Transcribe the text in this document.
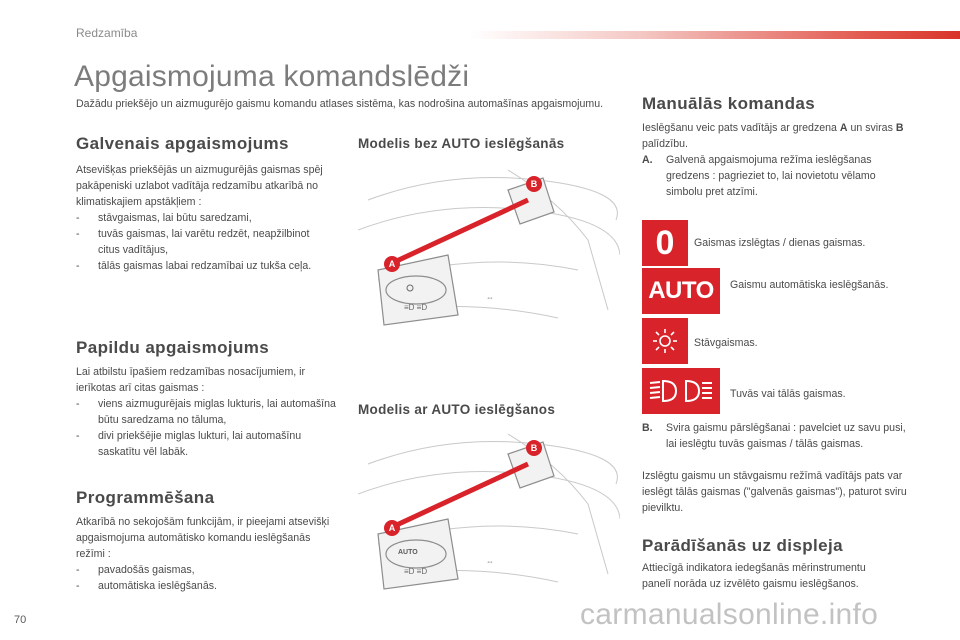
Redzamība
Apgaismojuma komandslēdži

Dažādu priekšējo un aizmugurējo gaismu komandu atlases sistēma, kas nodrošina automašīnas apgaismojumu.

Galvenais apgaismojums

Atsevišķas priekšējās un aizmugurējās gaismas spēj pakāpeniski uzlabot vadītāja redzamību atkarībā no klimatiskajiem apstākļiem :

- stāvgaismas, lai būtu saredzami,
- tuvās gaismas, lai varētu redzēt, neapžilbinot citus vadītājus,
- tālās gaismas labai redzamībai uz tukša ceļa.
Papildu apgaismojums

Lai atbilstu īpašiem redzamības nosacījumiem, ir ierīkotas arī citas gaismas :

- viens aizmugurējais miglas lukturis, lai automašīna būtu saredzama no tāluma,
- divi priekšējie miglas lukturi, lai automašīnu saskatītu vēl labāk.
Programmēšana

Atkarībā no sekojošām funkcijām, ir pieejami atsevišķi apgaismojuma automātisko komandu ieslēgšanās režīmi :

- pavadošās gaismas,
- automātiska ieslēgšanās.
Modelis bez AUTO ieslēgšanās
≡D ≡D
⇔
A
B
Modelis ar AUTO ieslēgšanos
≡D ≡D
⇔
AUTO
A
B
Manuālās komandas
Ieslēgšanu veic pats vadītājs ar gredzena A un sviras B palīdzību.
A. Galvenā apgaismojuma režīma ieslēgšanas gredzens : pagrieziet to, lai novietotu vēlamo simbolu pret atzīmi.
0 Gaismas izslēgtas / dienas gaismas.
AUTO Gaismu automātiska ieslēgšanās.
Stāvgaismas.
Tuvās vai tālās gaismas.
B. Svira gaismu pārslēgšanai : pavelciet uz savu pusi, lai ieslēgtu tuvās gaismas / tālās gaismas.
Izslēgtu gaismu un stāvgaismu režīmā vadītājs pats var ieslēgt tālās gaismas ("galvenās gaismas"), paturot sviru pievilktu.
Parādīšanās uz displeja
Attiecīgā indikatora iedegšanās mērinstrumentu panelī norāda uz izvēlēto gaismu ieslēgšanos.
70	carmanualsonline.info
